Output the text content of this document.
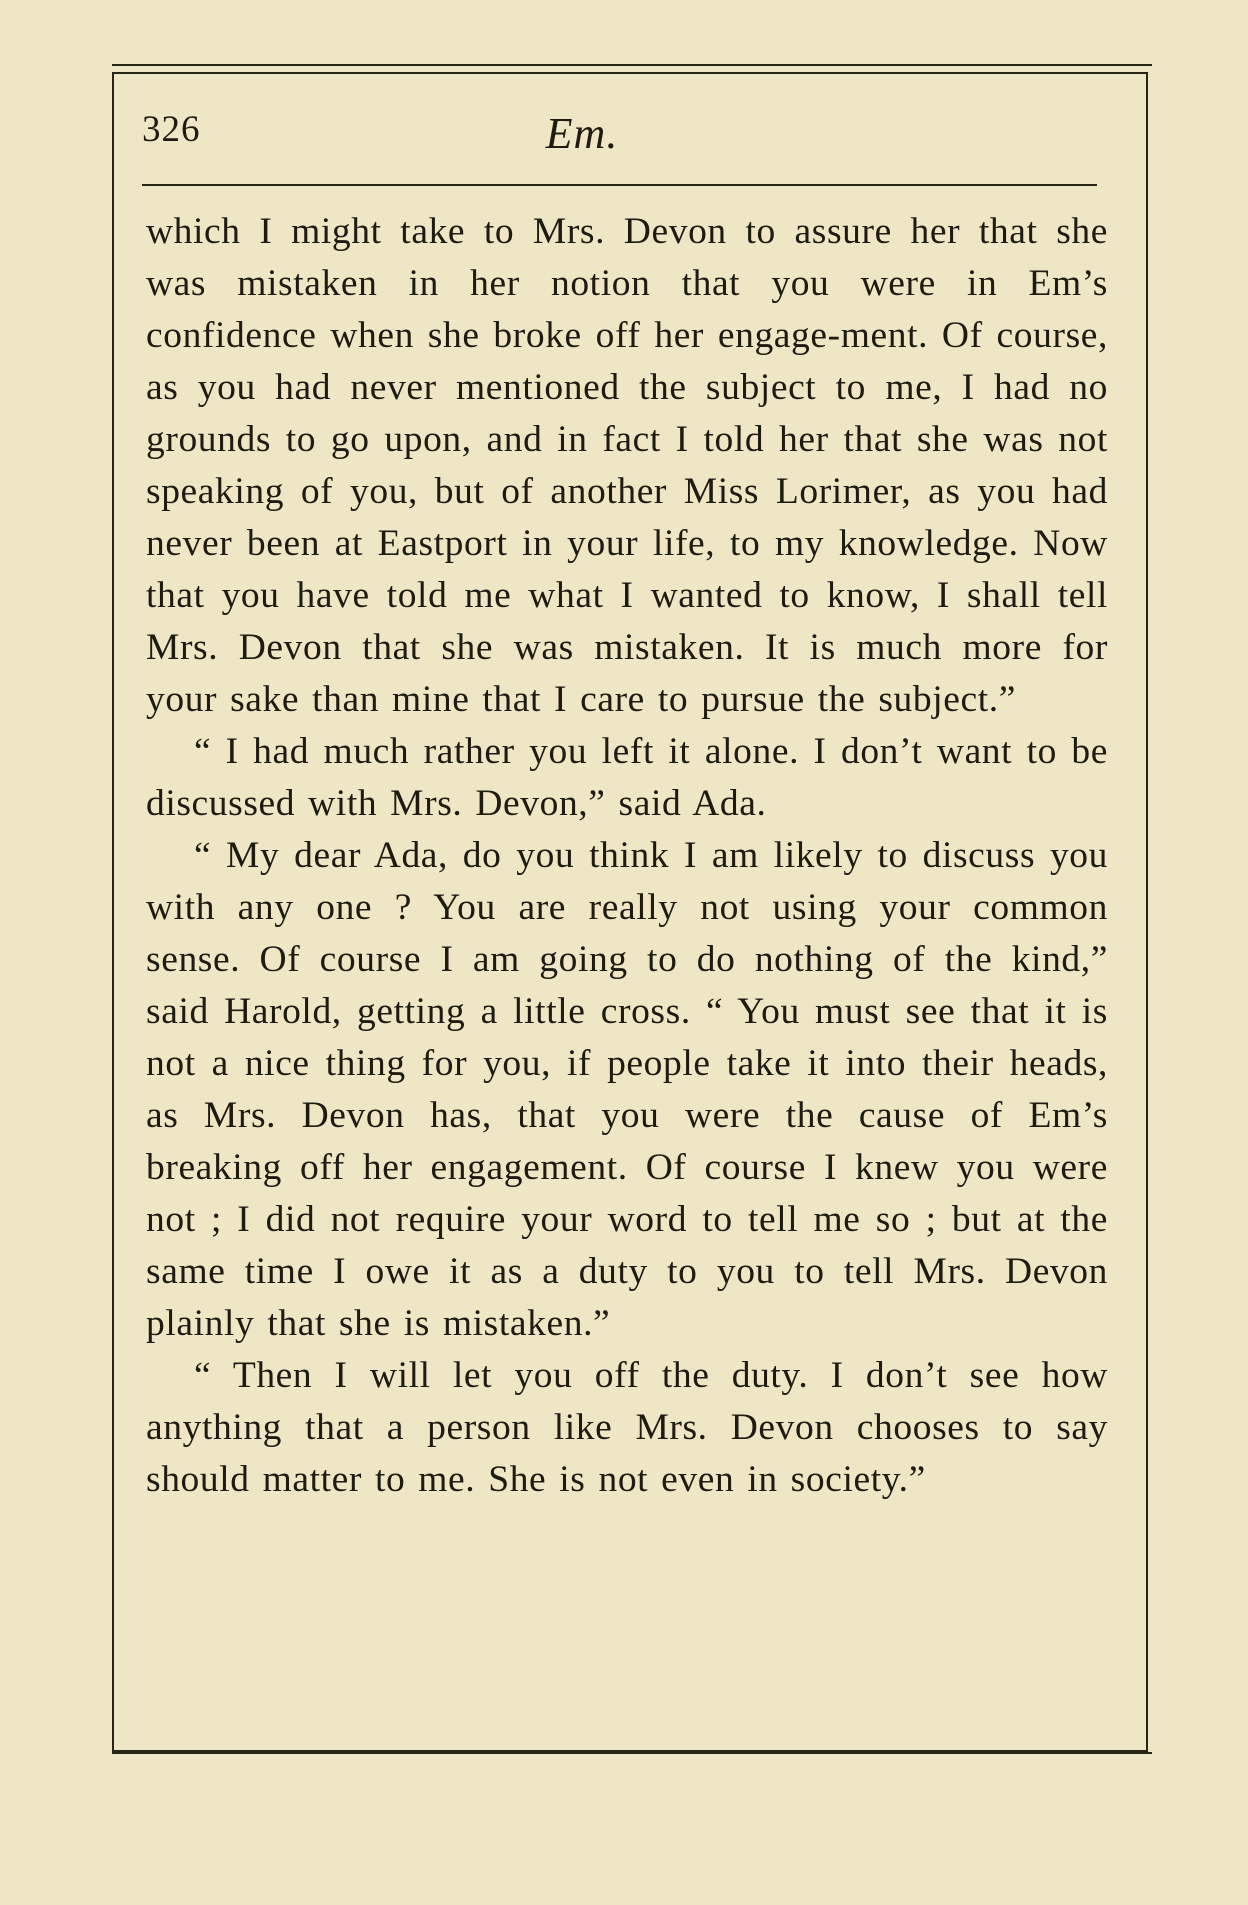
326	Em.

which I might take to Mrs. Devon to assure her that she was mistaken in her notion that you were in Em’s confidence when she broke off her engage-ment. Of course, as you had never mentioned the subject to me, I had no grounds to go upon, and in fact I told her that she was not speaking of you, but of another Miss Lorimer, as you had never been at Eastport in your life, to my knowledge. Now that you have told me what I wanted to know, I shall tell Mrs. Devon that she was mistaken. It is much more for your sake than mine that I care to pursue the subject.”

“ I had much rather you left it alone. I don’t want to be discussed with Mrs. Devon,” said Ada.

“ My dear Ada, do you think I am likely to discuss you with any one ? You are really not using your common sense. Of course I am going to do nothing of the kind,” said Harold, getting a little cross. “ You must see that it is not a nice thing for you, if people take it into their heads, as Mrs. Devon has, that you were the cause of Em’s breaking off her engagement. Of course I knew you were not ; I did not require your word to tell me so ; but at the same time I owe it as a duty to you to tell Mrs. Devon plainly that she is mistaken.”

“ Then I will let you off the duty. I don’t see how anything that a person like Mrs. Devon chooses to say should matter to me. She is not even in society.”
